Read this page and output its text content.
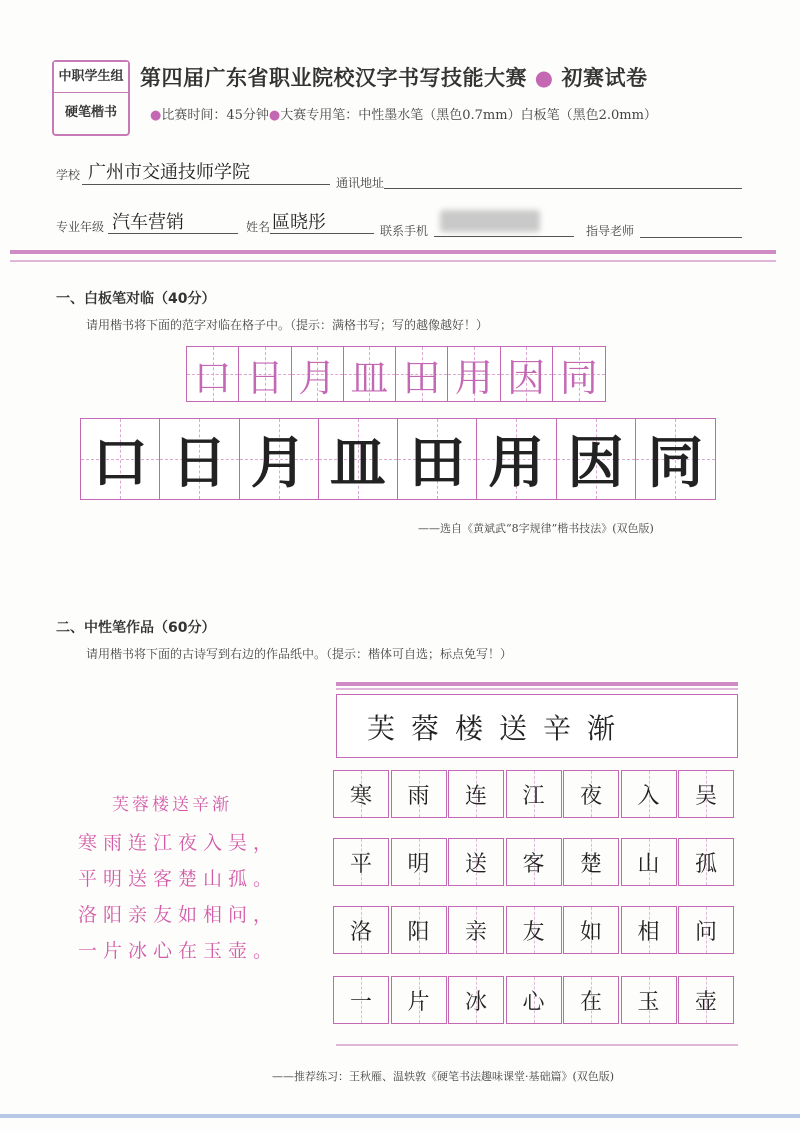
中职学生组
硬笔楷书
第四届广东省职业院校汉字书写技能大赛 ● 初赛试卷
●比赛时间：45分钟●大赛专用笔：中性墨水笔（黑色0.7mm）白板笔（黑色2.0mm）
学校 广州市交通技师学院	通讯地址
专业年级 汽车营销	姓名 區晓彤	联系手机	指导老师
一、白板笔对临（40分）
请用楷书将下面的范字对临在格子中。（提示：满格书写；写的越像越好！）
口 日 月 皿 田 用 因 同
口 日 月 皿 田 用 因 同
——选自《黄斌武“8字规律”楷书技法》(双色版)
二、中性笔作品（60分）
请用楷书将下面的古诗写到右边的作品纸中。（提示：楷体可自选；标点免写！）
芙蓉楼送辛渐
寒雨连江夜入吴，
平明送客楚山孤。
洛阳亲友如相问，
一片冰心在玉壶。
芙蓉楼送辛渐
寒 雨 连 江 夜 入 吴
平 明 送 客 楚 山 孤
洛 阳 亲 友 如 相 问
一 片 冰 心 在 玉 壶
——推荐练习：王秋雁、温轶敦《硬笔书法趣味课堂·基础篇》(双色版)
